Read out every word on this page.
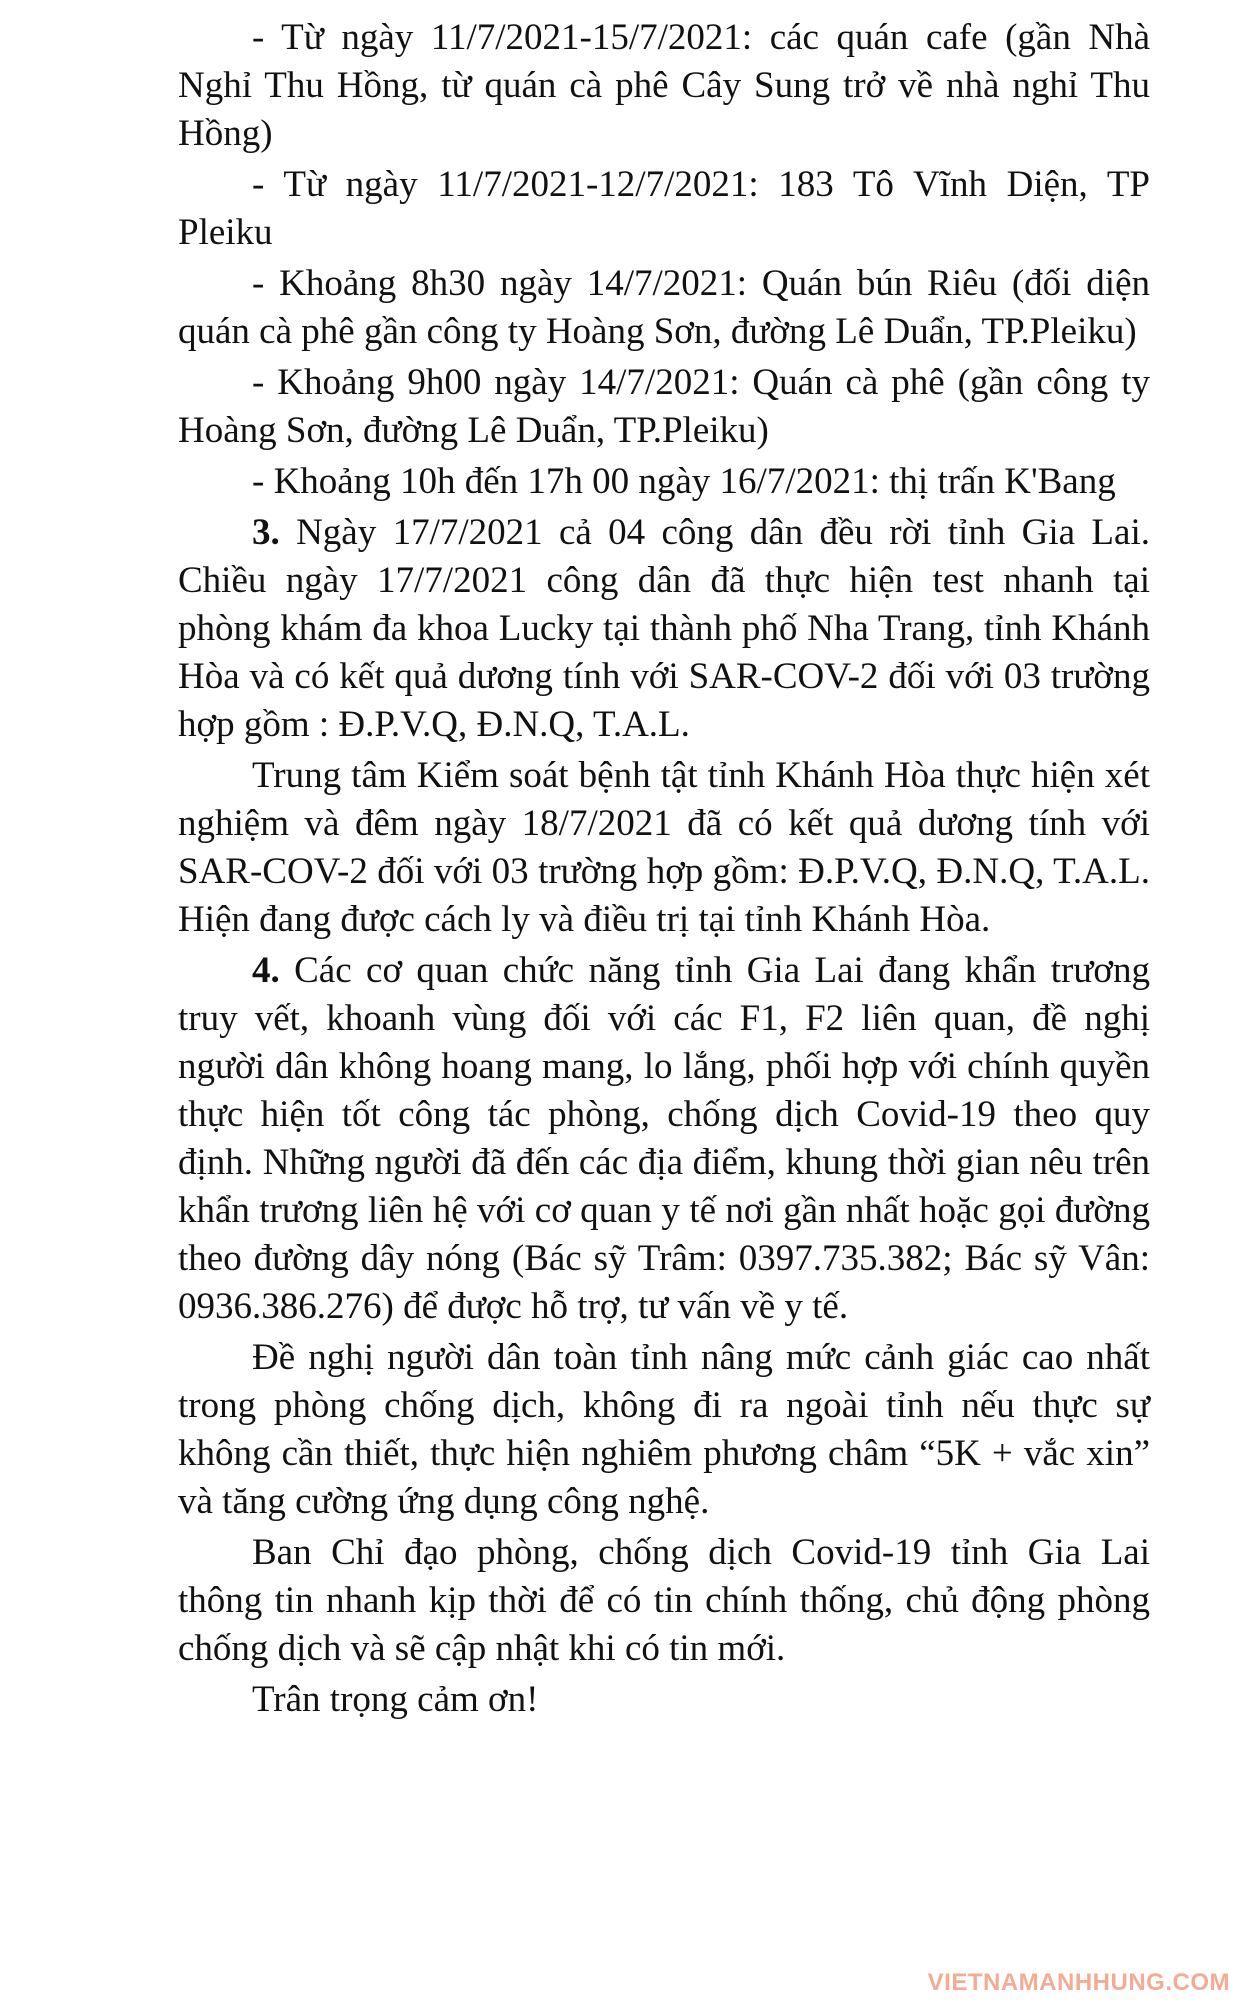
- Từ ngày 11/7/2021-15/7/2021: các quán cafe (gần Nhà Nghỉ Thu Hồng, từ quán cà phê Cây Sung trở về nhà nghỉ Thu Hồng)

- Từ ngày 11/7/2021-12/7/2021: 183 Tô Vĩnh Diện, TP Pleiku

- Khoảng 8h30 ngày 14/7/2021: Quán bún Riêu (đối diện quán cà phê gần công ty Hoàng Sơn, đường Lê Duẩn, TP.Pleiku)

- Khoảng 9h00 ngày 14/7/2021: Quán cà phê (gần công ty Hoàng Sơn, đường Lê Duẩn, TP.Pleiku)

- Khoảng 10h đến 17h 00 ngày 16/7/2021: thị trấn K'Bang

3. Ngày 17/7/2021 cả 04 công dân đều rời tỉnh Gia Lai. Chiều ngày 17/7/2021 công dân đã thực hiện test nhanh tại phòng khám đa khoa Lucky tại thành phố Nha Trang, tỉnh Khánh Hòa và có kết quả dương tính với SAR-COV-2 đối với 03 trường hợp gồm : Đ.P.V.Q, Đ.N.Q, T.A.L.

Trung tâm Kiểm soát bệnh tật tỉnh Khánh Hòa thực hiện xét nghiệm và đêm ngày 18/7/2021 đã có kết quả dương tính với SAR-COV-2 đối với 03 trường hợp gồm: Đ.P.V.Q, Đ.N.Q, T.A.L. Hiện đang được cách ly và điều trị tại tỉnh Khánh Hòa.

4. Các cơ quan chức năng tỉnh Gia Lai đang khẩn trương truy vết, khoanh vùng đối với các F1, F2 liên quan, đề nghị người dân không hoang mang, lo lắng, phối hợp với chính quyền thực hiện tốt công tác phòng, chống dịch Covid-19 theo quy định. Những người đã đến các địa điểm, khung thời gian nêu trên khẩn trương liên hệ với cơ quan y tế nơi gần nhất hoặc gọi đường theo đường dây nóng (Bác sỹ Trâm: 0397.735.382; Bác sỹ Vân: 0936.386.276) để được hỗ trợ, tư vấn về y tế.

Đề nghị người dân toàn tỉnh nâng mức cảnh giác cao nhất trong phòng chống dịch, không đi ra ngoài tỉnh nếu thực sự không cần thiết, thực hiện nghiêm phương châm “5K + vắc xin” và tăng cường ứng dụng công nghệ.

Ban Chỉ đạo phòng, chống dịch Covid-19 tỉnh Gia Lai thông tin nhanh kịp thời để có tin chính thống, chủ động phòng chống dịch và sẽ cập nhật khi có tin mới.

Trân trọng cảm ơn!

VIETNAMANHHUNG.COM
